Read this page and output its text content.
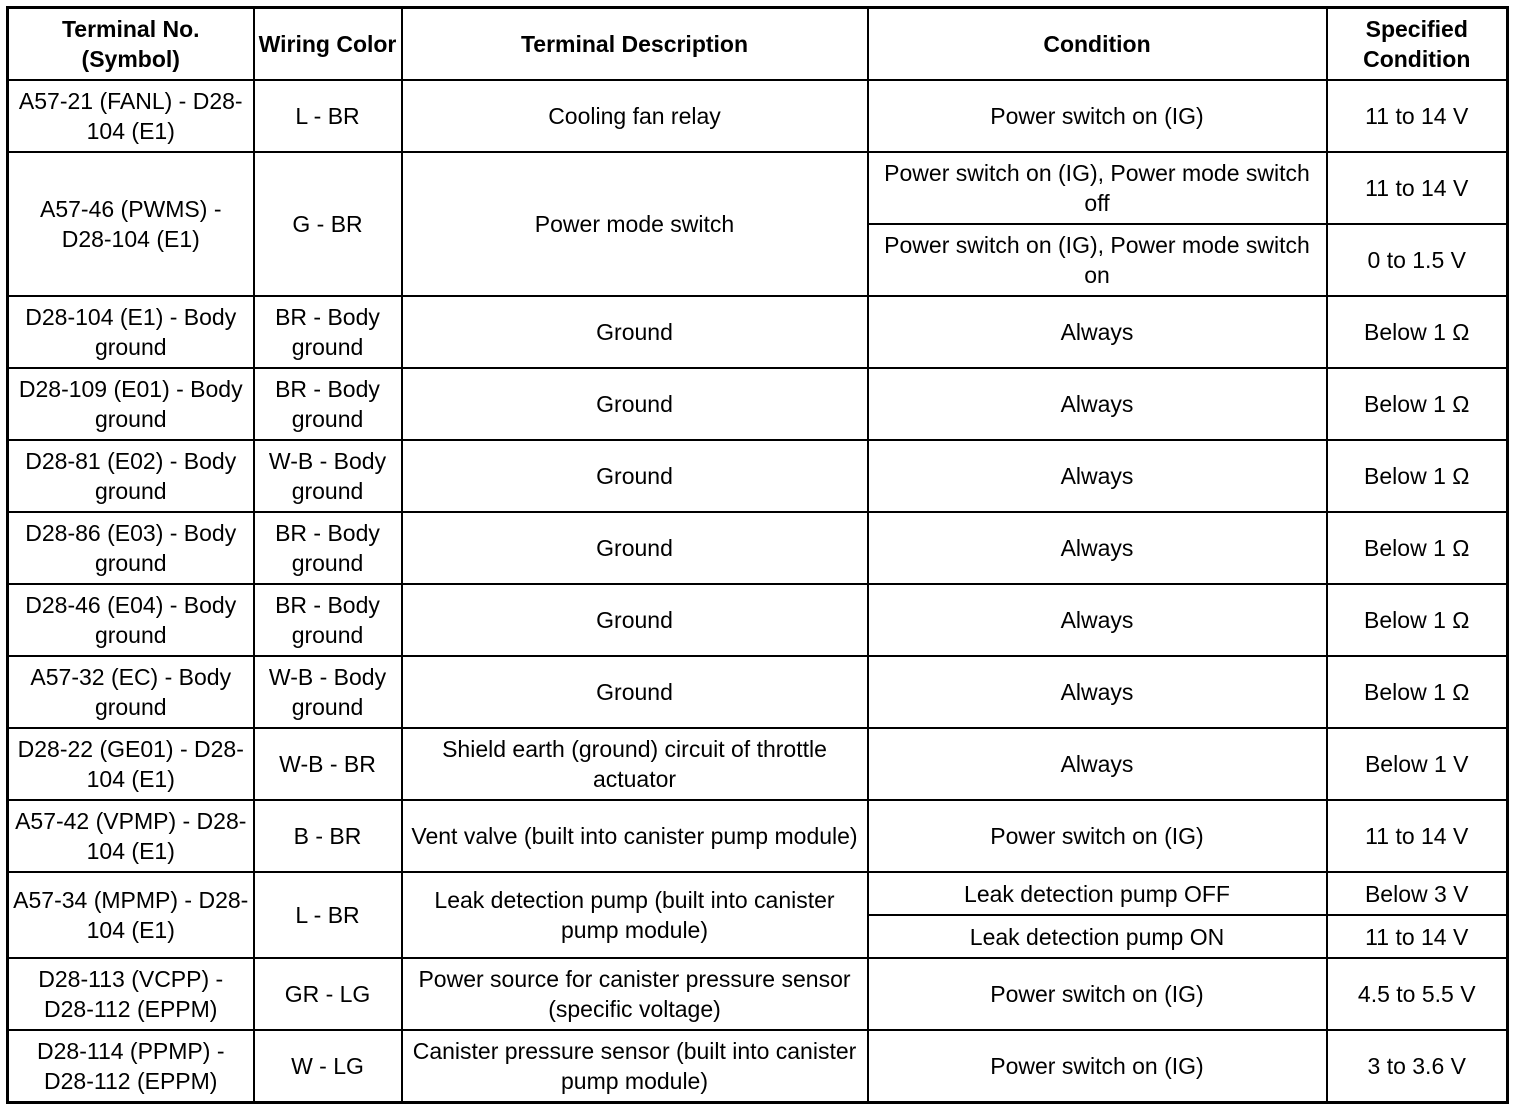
Terminal No. (Symbol)	Wiring Color	Terminal Description	Condition	Specified Condition
A57-21 (FANL) - D28-104 (E1)	L - BR	Cooling fan relay	Power switch on (IG)	11 to 14 V
A57-46 (PWMS) - D28-104 (E1)	G - BR	Power mode switch	Power switch on (IG), Power mode switch off	11 to 14 V
			Power switch on (IG), Power mode switch on	0 to 1.5 V
D28-104 (E1) - Body ground	BR - Body ground	Ground	Always	Below 1 Ω
D28-109 (E01) - Body ground	BR - Body ground	Ground	Always	Below 1 Ω
D28-81 (E02) - Body ground	W-B - Body ground	Ground	Always	Below 1 Ω
D28-86 (E03) - Body ground	BR - Body ground	Ground	Always	Below 1 Ω
D28-46 (E04) - Body ground	BR - Body ground	Ground	Always	Below 1 Ω
A57-32 (EC) - Body ground	W-B - Body ground	Ground	Always	Below 1 Ω
D28-22 (GE01) - D28-104 (E1)	W-B - BR	Shield earth (ground) circuit of throttle actuator	Always	Below 1 V
A57-42 (VPMP) - D28-104 (E1)	B - BR	Vent valve (built into canister pump module)	Power switch on (IG)	11 to 14 V
A57-34 (MPMP) - D28-104 (E1)	L - BR	Leak detection pump (built into canister pump module)	Leak detection pump OFF	Below 3 V
			Leak detection pump ON	11 to 14 V
D28-113 (VCPP) - D28-112 (EPPM)	GR - LG	Power source for canister pressure sensor (specific voltage)	Power switch on (IG)	4.5 to 5.5 V
D28-114 (PPMP) - D28-112 (EPPM)	W - LG	Canister pressure sensor (built into canister pump module)	Power switch on (IG)	3 to 3.6 V
